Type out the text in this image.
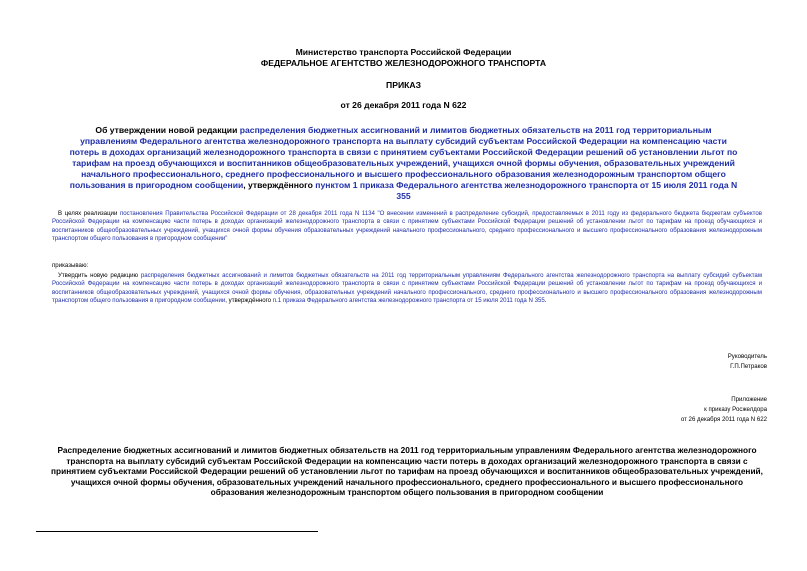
Министерство транспорта Российской Федерации
ФЕДЕРАЛЬНОЕ АГЕНТСТВО ЖЕЛЕЗНОДОРОЖНОГО ТРАНСПОРТА
ПРИКАЗ
от 26 декабря 2011 года N 622
Об утверждении новой редакции распределения бюджетных ассигнований и лимитов бюджетных обязательств на 2011 год территориальным управлениям Федерального агентства железнодорожного транспорта на выплату субсидий субъектам Российской Федерации на компенсацию части потерь в доходах организаций железнодорожного транспорта в связи с принятием субъектами Российской Федерации решений об установлении льгот по тарифам на проезд обучающихся и воспитанников общеобразовательных учреждений, учащихся очной формы обучения, образовательных учреждений начального профессионального, среднего профессионального и высшего профессионального образования железнодорожным транспортом общего пользования в пригородном сообщении, утверждённого пунктом 1 приказа Федерального агентства железнодорожного транспорта от 15 июля 2011 года N 355
В целях реализации постановления Правительства Российской Федерации от 28 декабря 2011 года N 1134 "О внесении изменений в распределение субсидий, предоставляемых в 2011 году из федерального бюджета бюджетам субъектов Российской Федерации на компенсацию части потерь в доходах организаций железнодорожного транспорта в связи с принятием субъектами Российской Федерации решений об установлении льгот по тарифам на проезд обучающихся и воспитанников общеобразовательных учреждений, учащихся очной формы обучения образовательных учреждений начального профессионального, среднего профессионального и высшего профессионального образования железнодорожным транспортом общего пользования в пригородном сообщении"
приказываю:
Утвердить новую редакцию распределения бюджетных ассигнований и лимитов бюджетных обязательств на 2011 год территориальным управлениям Федерального агентства железнодорожного транспорта на выплату субсидий субъектам Российской Федерации на компенсацию части потерь в доходах организаций железнодорожного транспорта в связи с принятием субъектами Российской Федерации решений об установлении льгот по тарифам на проезд обучающихся и воспитанников общеобразовательных учреждений, учащихся очной формы обучения, образовательных учреждений начального профессионального, среднего профессионального и высшего профессионального образования железнодорожным транспортом общего пользования в пригородном сообщении, утверждённого п.1 приказа Федерального агентства железнодорожного транспорта от 15 июля 2011 года N 355.
Руководитель
Г.П.Петраков
Приложение
к приказу Росжелдора
от 26 декабря 2011 года N 622
Распределение бюджетных ассигнований и лимитов бюджетных обязательств на 2011 год территориальным управлениям Федерального агентства железнодорожного транспорта на выплату субсидий субъектам Российской Федерации на компенсацию части потерь в доходах организаций железнодорожного транспорта в связи с принятием субъектами Российской Федерации решений об установлении льгот по тарифам на проезд обучающихся и воспитанников общеобразовательных учреждений, учащихся очной формы обучения, образовательных учреждений начального профессионального, среднего профессионального и высшего профессионального образования железнодорожным транспортом общего пользования в пригородном сообщении
